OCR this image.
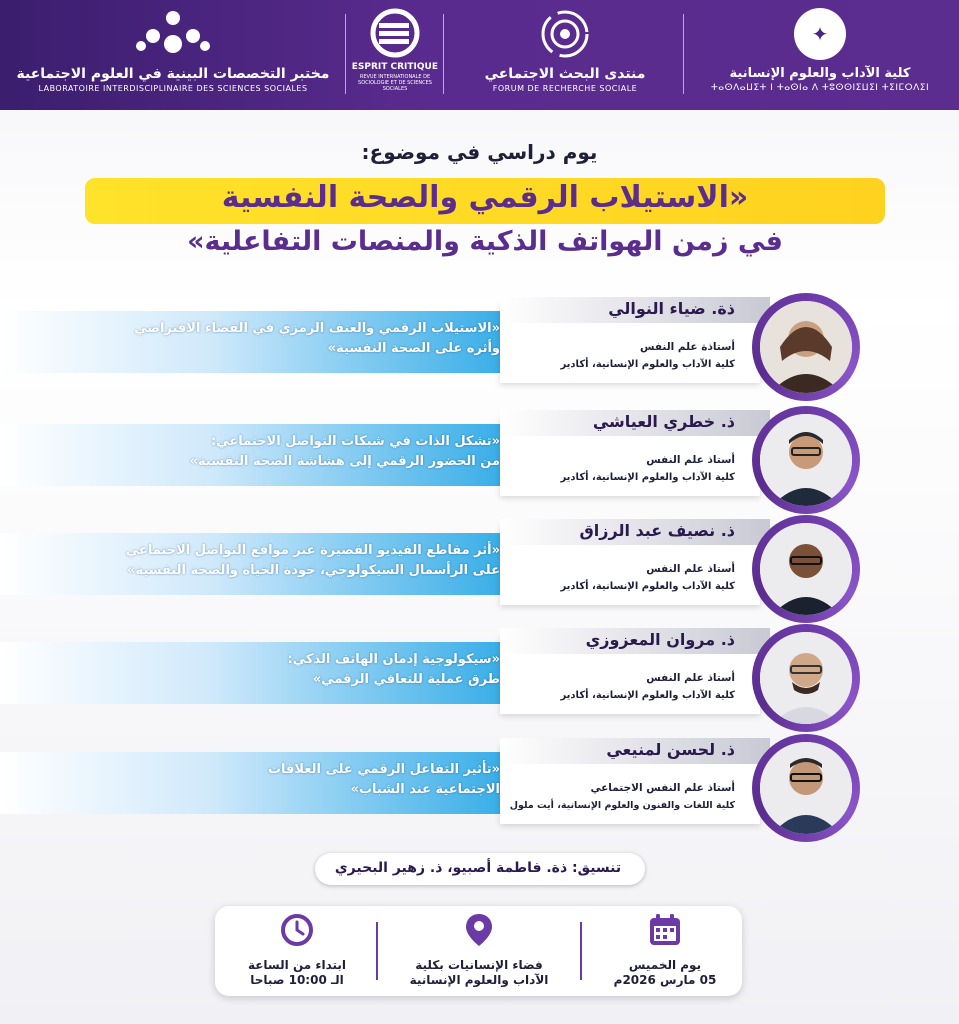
✦
كلية الآداب والعلوم الإنسانية
ⵜⴰⵙⴷⴰⵡⵉⵜ ⵏ ⵜⴰⵙⵏⴰ ⴷ ⵜⵓⵙⵙⵏⵉⵡⵉⵏ ⵜⵉⵏⵎⵔⴷⵉⵏ
منتدى البحث الاجتماعي
FORUM DE RECHERCHE SOCIALE
ESPRIT CRITIQUE
REVUE INTERNATIONALE DE SOCIOLOGIE ET DE SCIENCES SOCIALES
مختبر التخصصات البينية في العلوم الاجتماعية
LABORATOIRE INTERDISCIPLINAIRE DES SCIENCES SOCIALES
يوم دراسي في موضوع:
«الاستيلاب الرقمي والصحة النفسية
في زمن الهواتف الذكية والمنصات التفاعلية»
«الاستيلاب الرقمي والعنف الرمزي في الفضاء الافتراضي
وأثره على الصحة النفسية»
ذة. ضياء النوالي
أستاذة علم النفس
كلية الآداب والعلوم الإنسانية، أكادير
«تشكل الذات في شبكات التواصل الاجتماعي:
من الحضور الرقمي إلى هشاشة الصحة النفسية»
ذ. خطري العياشي
أستاذ علم النفس
كلية الآداب والعلوم الإنسانية، أكادير
«أثر مقاطع الفيديو القصيرة عبر مواقع التواصل الاجتماعي
على الرأسمال السيكولوجي، جودة الحياة والصحة النفسية»
ذ. نصيف عبد الرزاق
أستاذ علم النفس
كلية الآداب والعلوم الإنسانية، أكادير
«سيكولوجية إدمان الهاتف الذكي:
طرق عملية للتعافي الرقمي»
ذ. مروان المعزوزي
أستاذ علم النفس
كلية الآداب والعلوم الإنسانية، أكادير
«تأثير التفاعل الرقمي على العلاقات
الاجتماعية عند الشباب»
ذ. لحسن لمنيعي
أستاذ علم النفس الاجتماعي
كلية اللغات والفنون والعلوم الإنسانية، أيت ملول
تنسيق: ذة. فاطمة أصبيو، ذ. زهير البحيري
يوم الخميس
05 مارس 2026م
فضاء الإنسانيات بكلية
الآداب والعلوم الإنسانية
ابتداء من الساعة
الـ 10:00 صباحا
